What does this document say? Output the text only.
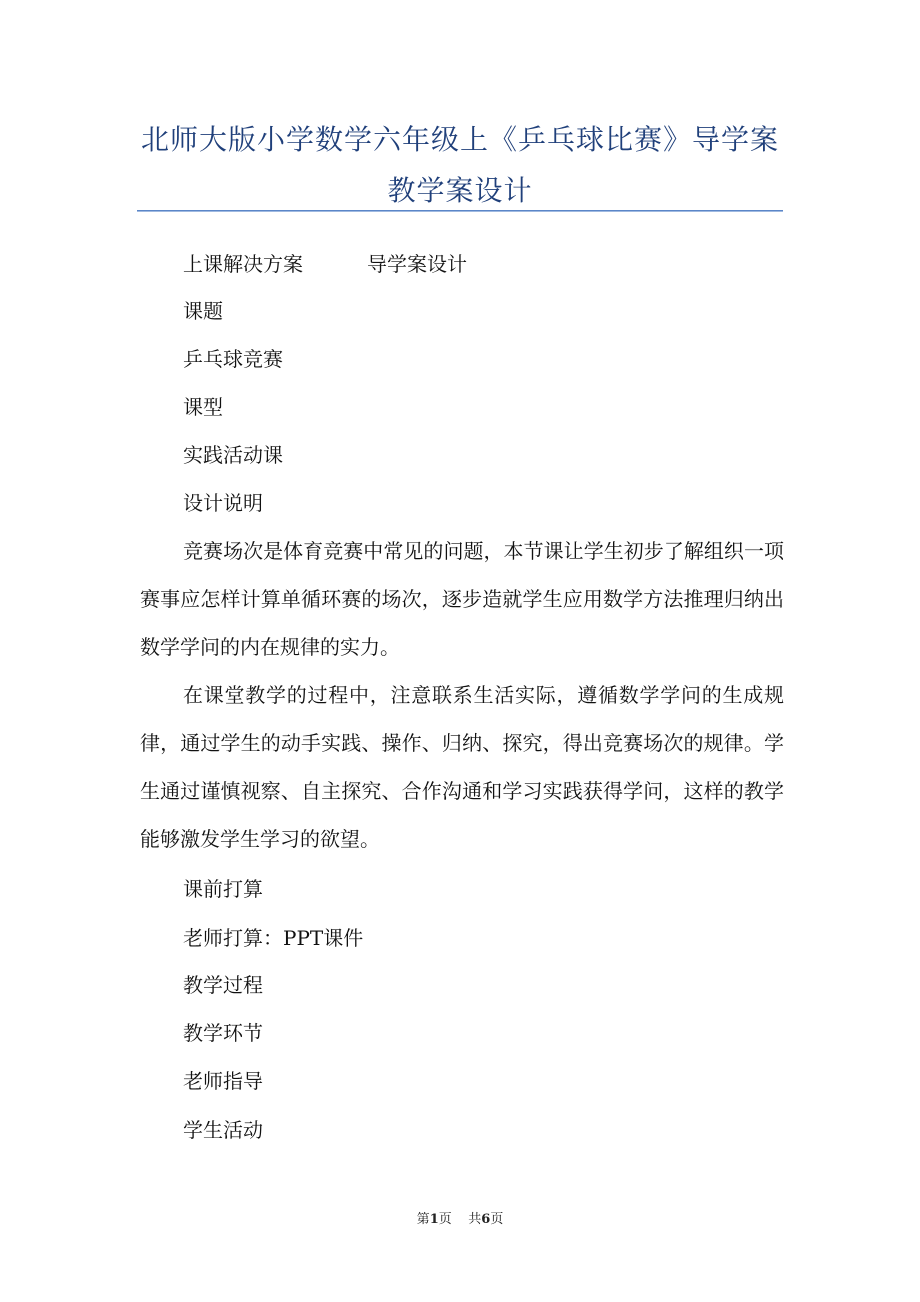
北师大版小学数学六年级上《乒乓球比赛》导学案
教学案设计
上课解决方案	导学案设计
课题
乒乓球竞赛
课型
实践活动课
设计说明
竞赛场次是体育竞赛中常见的问题，本节课让学生初步了解组织一项赛事应怎样计算单循环赛的场次，逐步造就学生应用数学方法推理归纳出数学学问的内在规律的实力。
在课堂教学的过程中，注意联系生活实际，遵循数学学问的生成规律，通过学生的动手实践、操作、归纳、探究，得出竞赛场次的规律。学生通过谨慎视察、自主探究、合作沟通和学习实践获得学问，这样的教学能够激发学生学习的欲望。
课前打算
老师打算：PPT课件
教学过程
教学环节
老师指导
学生活动
第1页    共6页
